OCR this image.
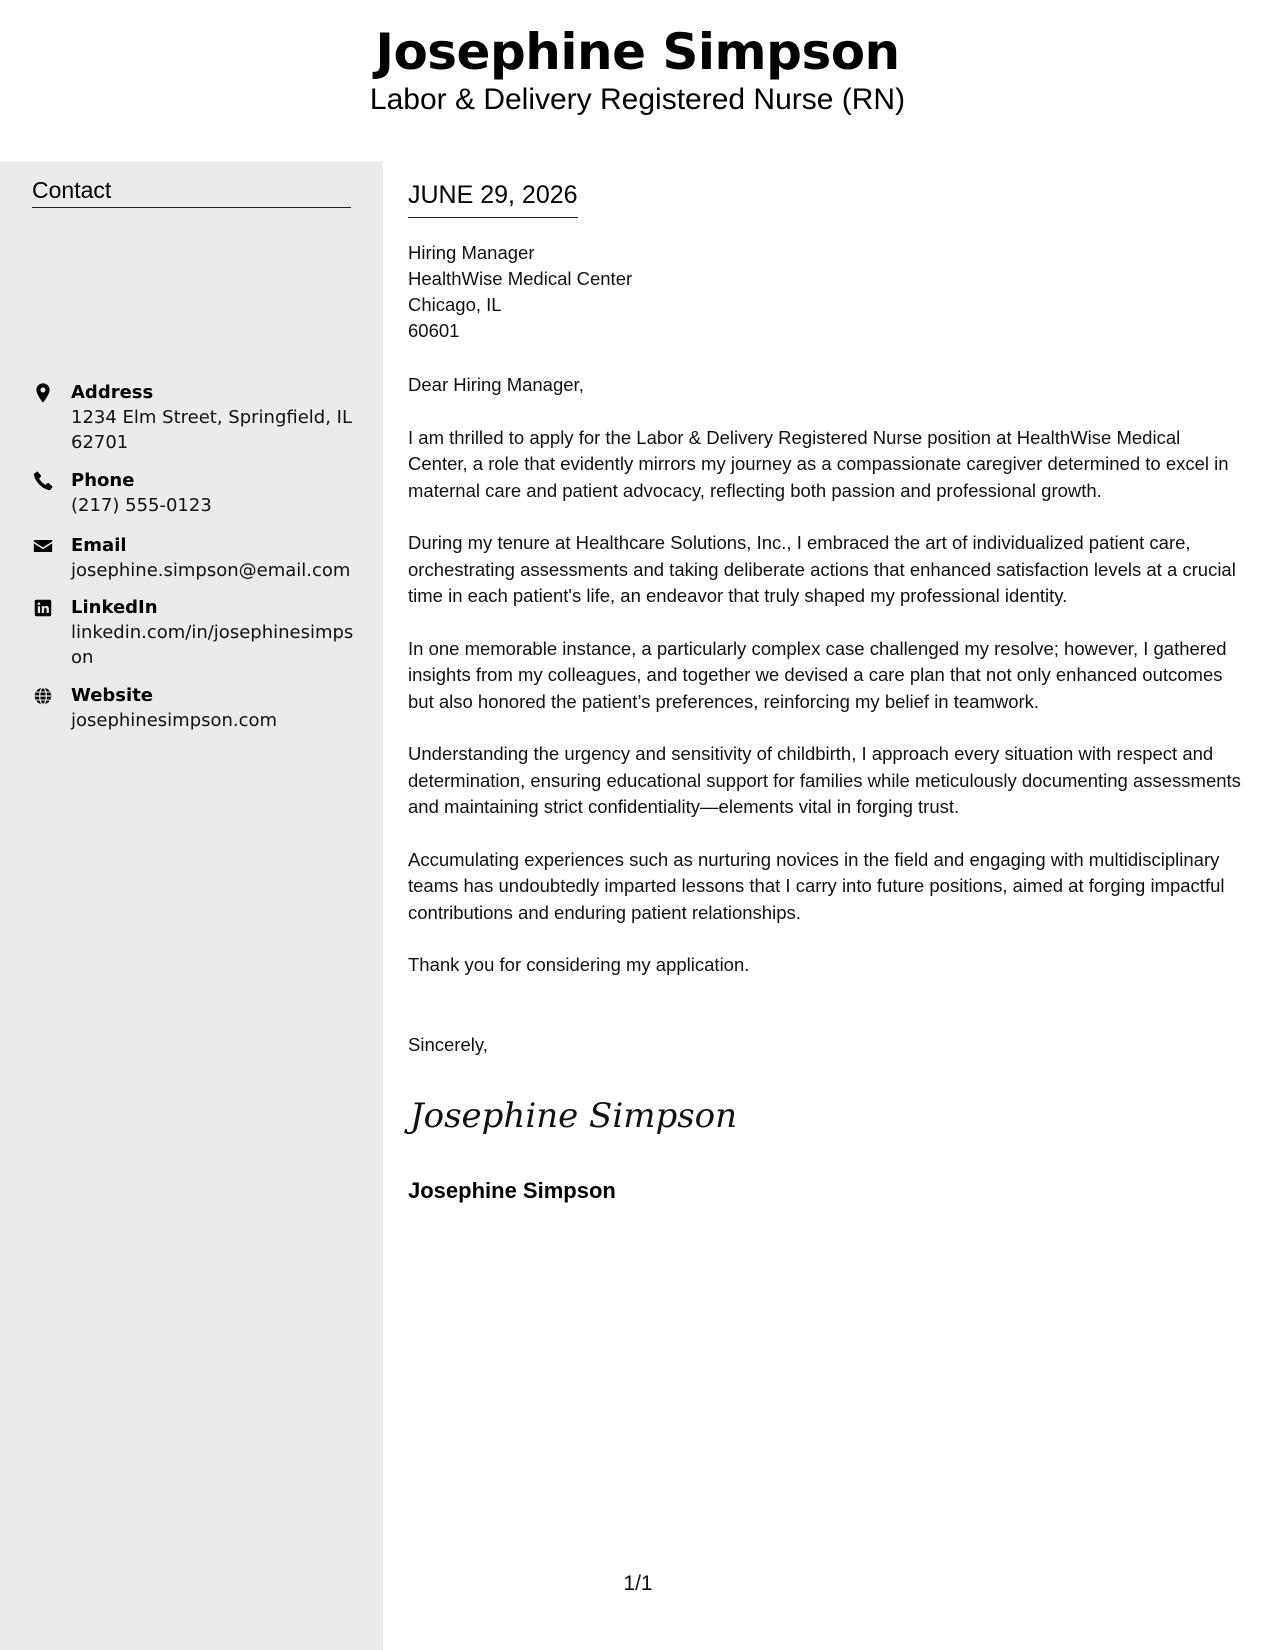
Josephine Simpson
Labor & Delivery Registered Nurse (RN)
Contact
Address
1234 Elm Street, Springfield, IL 62701
Phone
(217) 555-0123
Email
josephine.simpson@email.com
LinkedIn
linkedin.com/in/josephinesimpson
Website
josephinesimpson.com
JUNE 29, 2026
Hiring Manager
HealthWise Medical Center
Chicago, IL
60601

Dear Hiring Manager,

I am thrilled to apply for the Labor & Delivery Registered Nurse position at HealthWise Medical Center, a role that evidently mirrors my journey as a compassionate caregiver determined to excel in maternal care and patient advocacy, reflecting both passion and professional growth.

During my tenure at Healthcare Solutions, Inc., I embraced the art of individualized patient care, orchestrating assessments and taking deliberate actions that enhanced satisfaction levels at a crucial time in each patient's life, an endeavor that truly shaped my professional identity.

In one memorable instance, a particularly complex case challenged my resolve; however, I gathered insights from my colleagues, and together we devised a care plan that not only enhanced outcomes but also honored the patient’s preferences, reinforcing my belief in teamwork.

Understanding the urgency and sensitivity of childbirth, I approach every situation with respect and determination, ensuring educational support for families while meticulously documenting assessments and maintaining strict confidentiality—elements vital in forging trust.

Accumulating experiences such as nurturing novices in the field and engaging with multidisciplinary teams has undoubtedly imparted lessons that I carry into future positions, aimed at forging impactful contributions and enduring patient relationships.

Thank you for considering my application.

Sincerely,
Josephine Simpson
Josephine Simpson
1/1
